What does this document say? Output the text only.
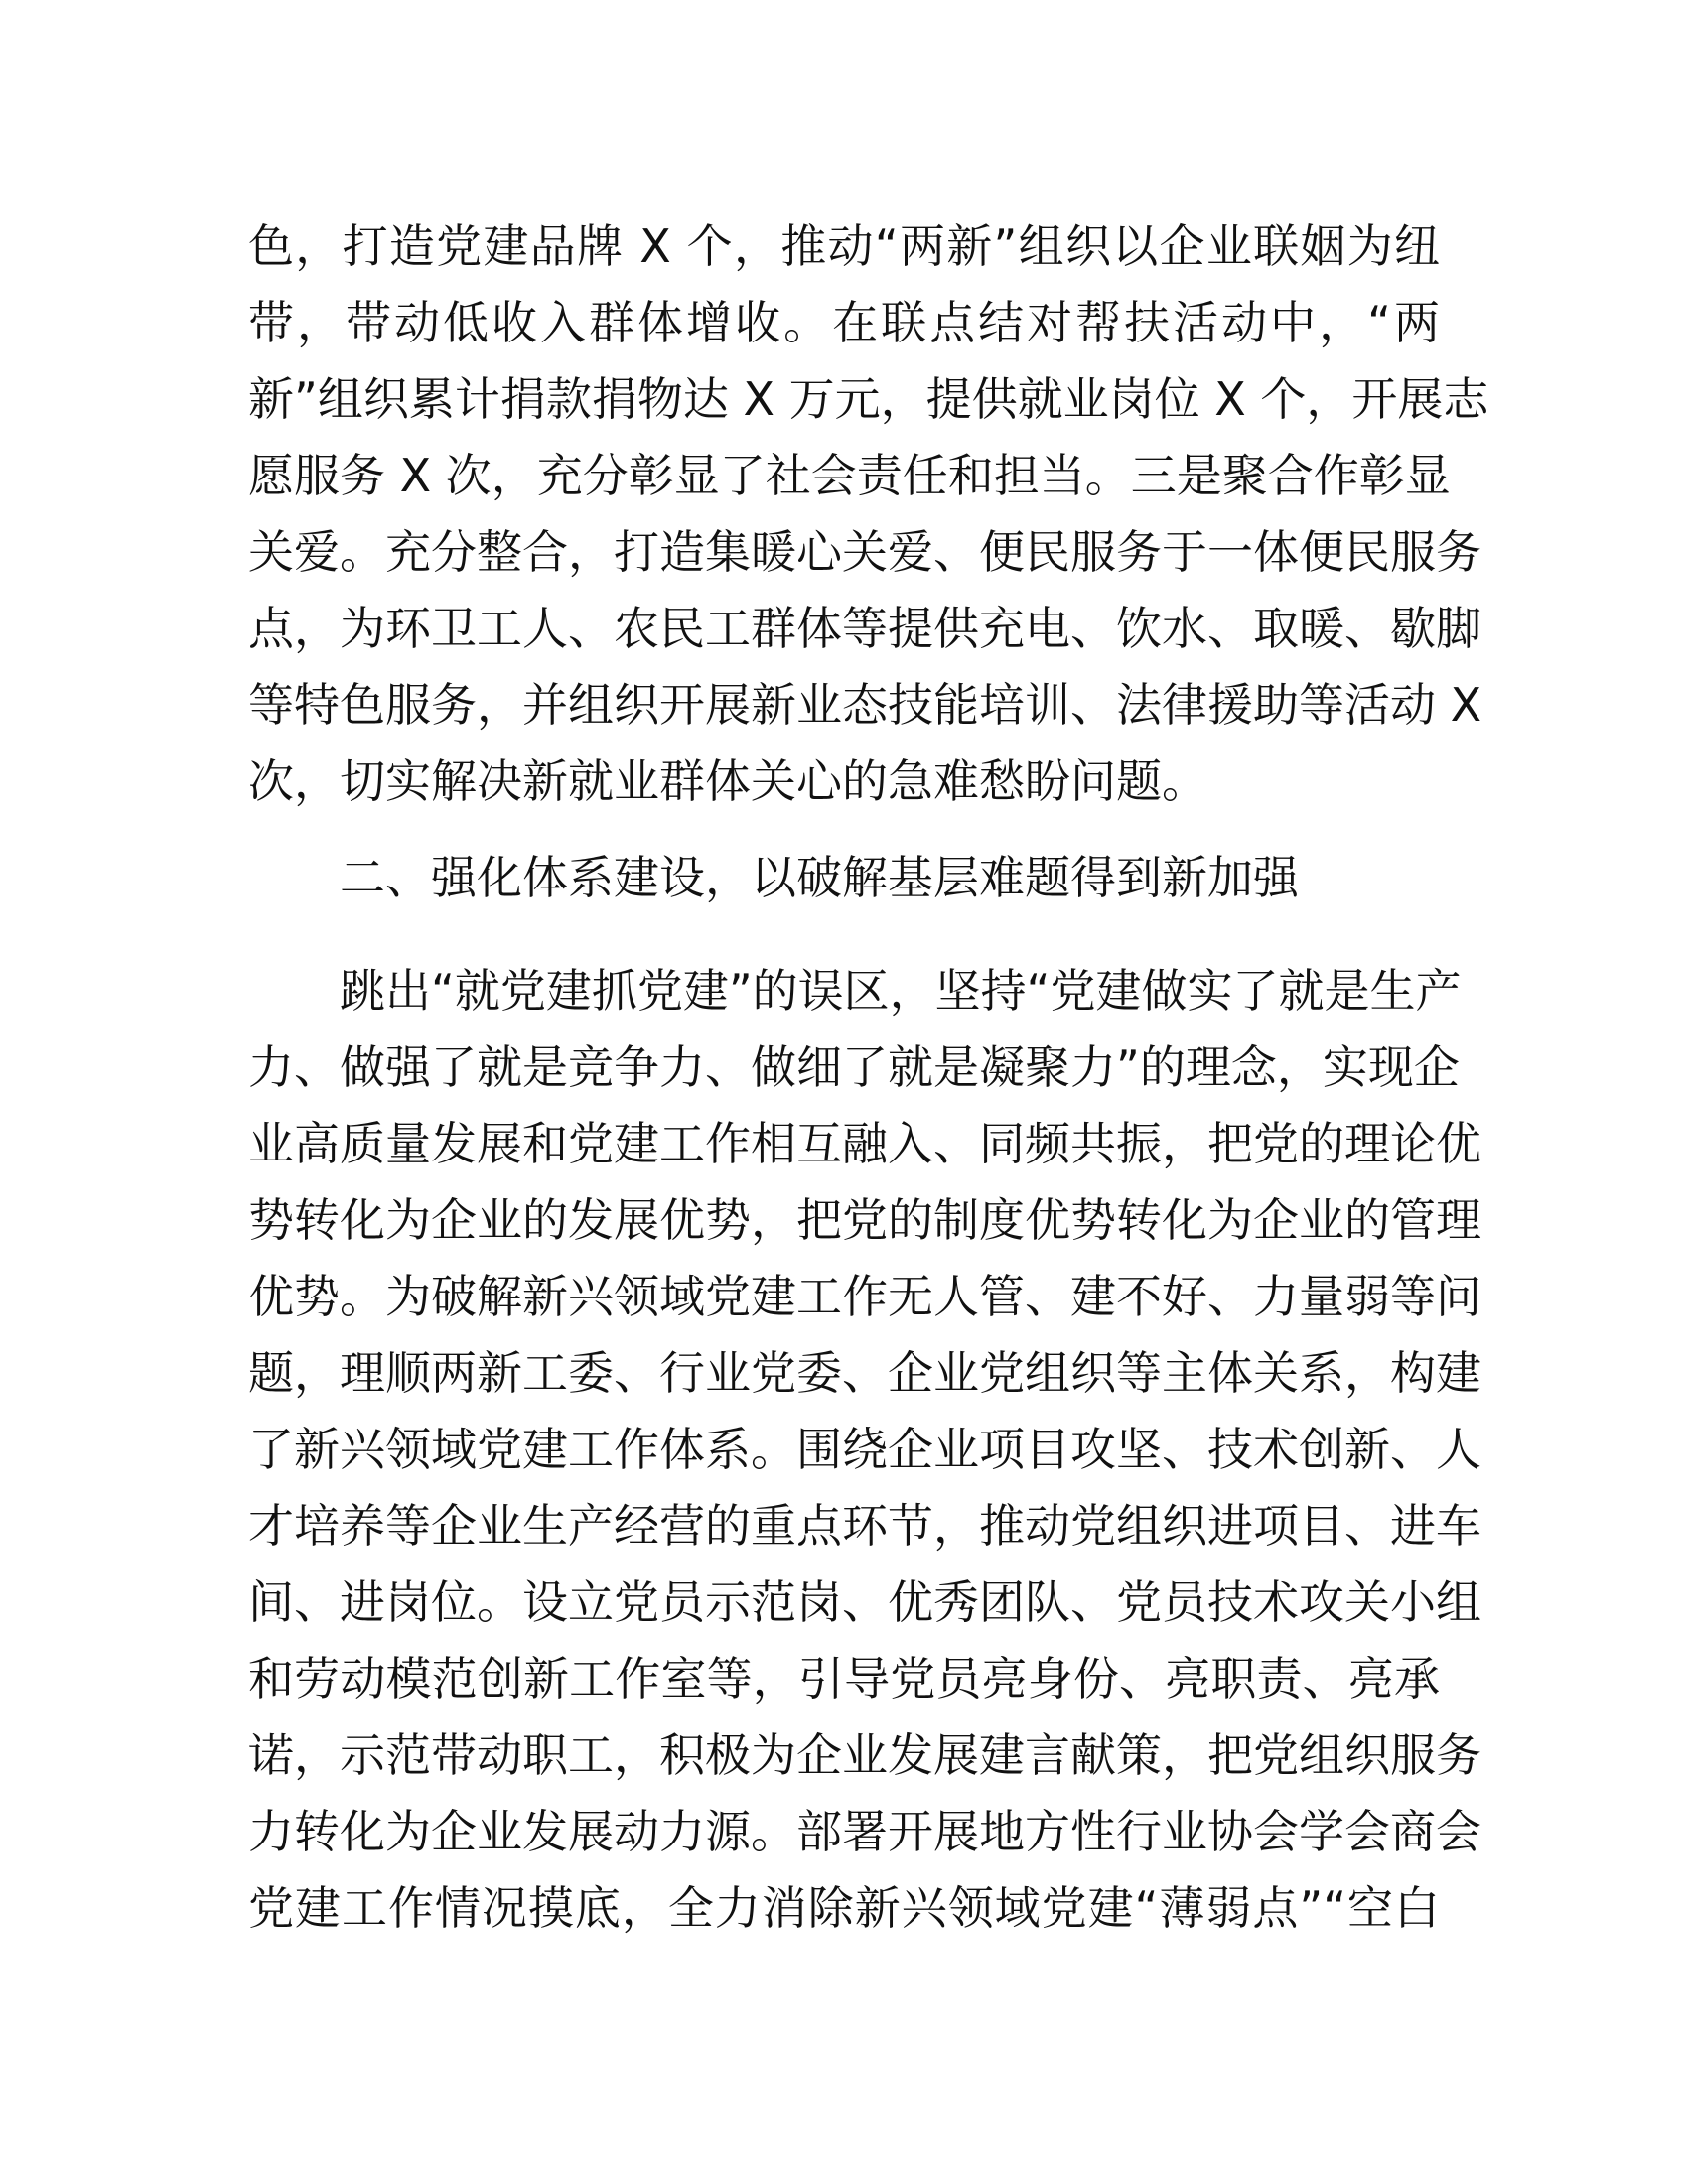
色，打造党建品牌 X 个，推动“两新”组织以企业联姻为纽

带，带动低收入群体增收。在联点结对帮扶活动中，“两

新”组织累计捐款捐物达 X 万元，提供就业岗位 X 个，开展志

愿服务 X 次，充分彰显了社会责任和担当。三是聚合作彰显

关爱。充分整合，打造集暖心关爱、便民服务于一体便民服务

点，为环卫工人、农民工群体等提供充电、饮水、取暖、歇脚

等特色服务，并组织开展新业态技能培训、法律援助等活动 X

次，切实解决新就业群体关心的急难愁盼问题。

二、强化体系建设，以破解基层难题得到新加强

跳出“就党建抓党建”的误区，坚持“党建做实了就是生产

力、做强了就是竞争力、做细了就是凝聚力”的理念，实现企

业高质量发展和党建工作相互融入、同频共振，把党的理论优

势转化为企业的发展优势，把党的制度优势转化为企业的管理

优势。为破解新兴领域党建工作无人管、建不好、力量弱等问

题，理顺两新工委、行业党委、企业党组织等主体关系，构建

了新兴领域党建工作体系。围绕企业项目攻坚、技术创新、人

才培养等企业生产经营的重点环节，推动党组织进项目、进车

间、进岗位。设立党员示范岗、优秀团队、党员技术攻关小组

和劳动模范创新工作室等，引导党员亮身份、亮职责、亮承

诺，示范带动职工，积极为企业发展建言献策，把党组织服务

力转化为企业发展动力源。部署开展地方性行业协会学会商会

党建工作情况摸底，全力消除新兴领域党建“薄弱点”“空白
